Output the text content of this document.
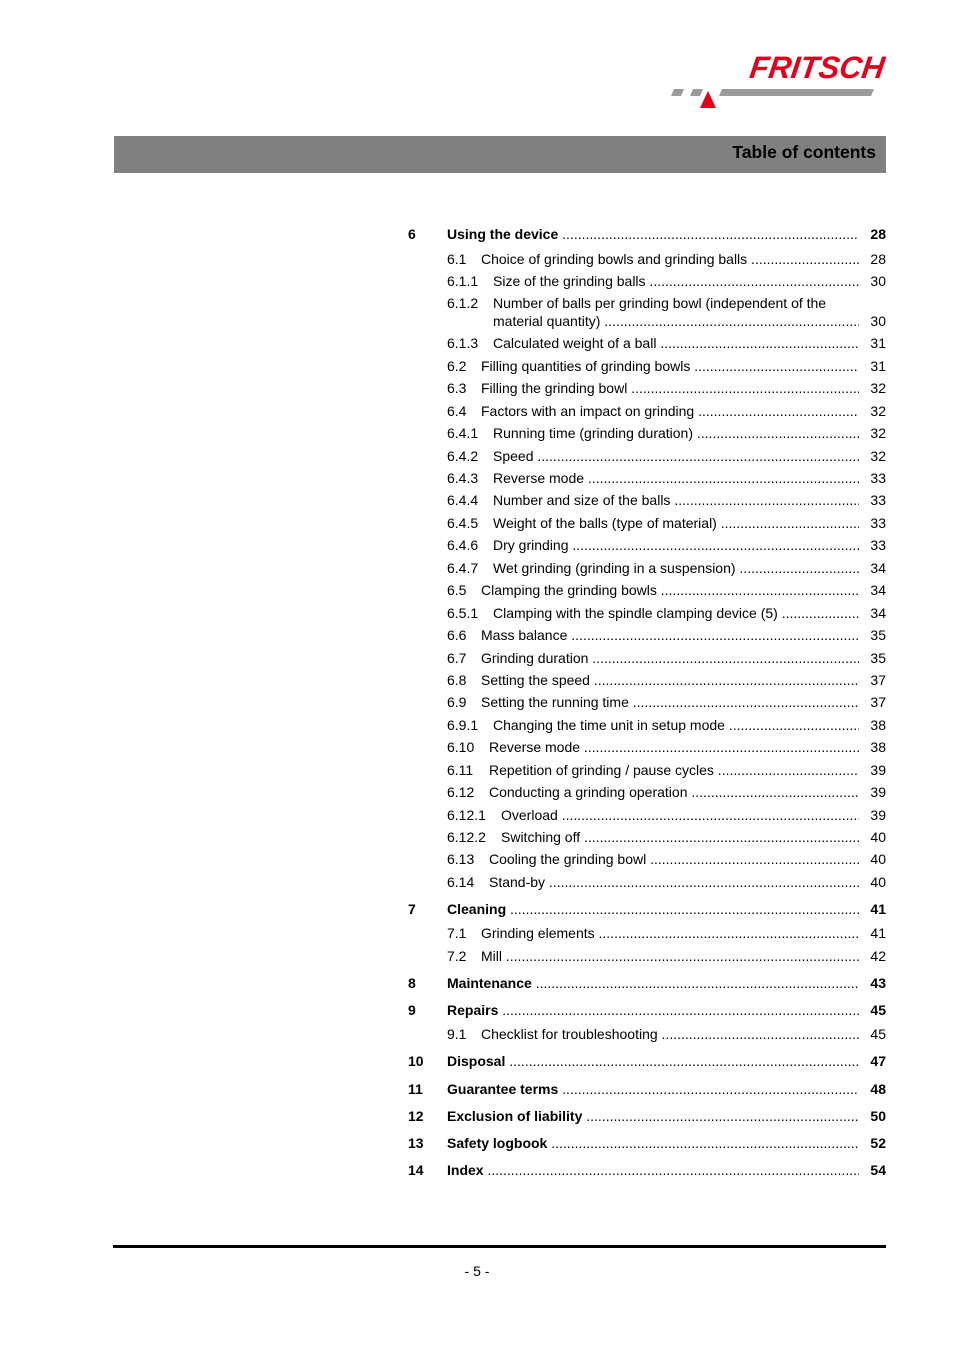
FRITSCH
Table of contents
6 Using the device .....	28
6.1 Choice of grinding bowls and grinding balls .....	28
6.1.1 Size of the grinding balls .....	30
6.1.2 Number of balls per grinding bowl (independent of the
material quantity) .....	30
6.1.3 Calculated weight of a ball .....	31
6.2 Filling quantities of grinding bowls .....	31
6.3 Filling the grinding bowl .....	32
6.4 Factors with an impact on grinding .....	32
6.4.1 Running time (grinding duration) .....	32
6.4.2 Speed .....	32
6.4.3 Reverse mode .....	33
6.4.4 Number and size of the balls .....	33
6.4.5 Weight of the balls (type of material) .....	33
6.4.6 Dry grinding .....	33
6.4.7 Wet grinding (grinding in a suspension) .....	34
6.5 Clamping the grinding bowls .....	34
6.5.1 Clamping with the spindle clamping device (5) .....	34
6.6 Mass balance .....	35
6.7 Grinding duration .....	35
6.8 Setting the speed .....	37
6.9 Setting the running time .....	37
6.9.1 Changing the time unit in setup mode .....	38
6.10 Reverse mode .....	38
6.11 Repetition of grinding / pause cycles .....	39
6.12 Conducting a grinding operation .....	39
6.12.1 Overload .....	39
6.12.2 Switching off .....	40
6.13 Cooling the grinding bowl .....	40
6.14 Stand-by .....	40
7 Cleaning .....	41
7.1 Grinding elements .....	41
7.2 Mill .....	42
8 Maintenance .....	43
9 Repairs .....	45
9.1 Checklist for troubleshooting .....	45
10 Disposal .....	47
11 Guarantee terms .....	48
12 Exclusion of liability .....	50
13 Safety logbook .....	52
14 Index .....	54
- 5 -
